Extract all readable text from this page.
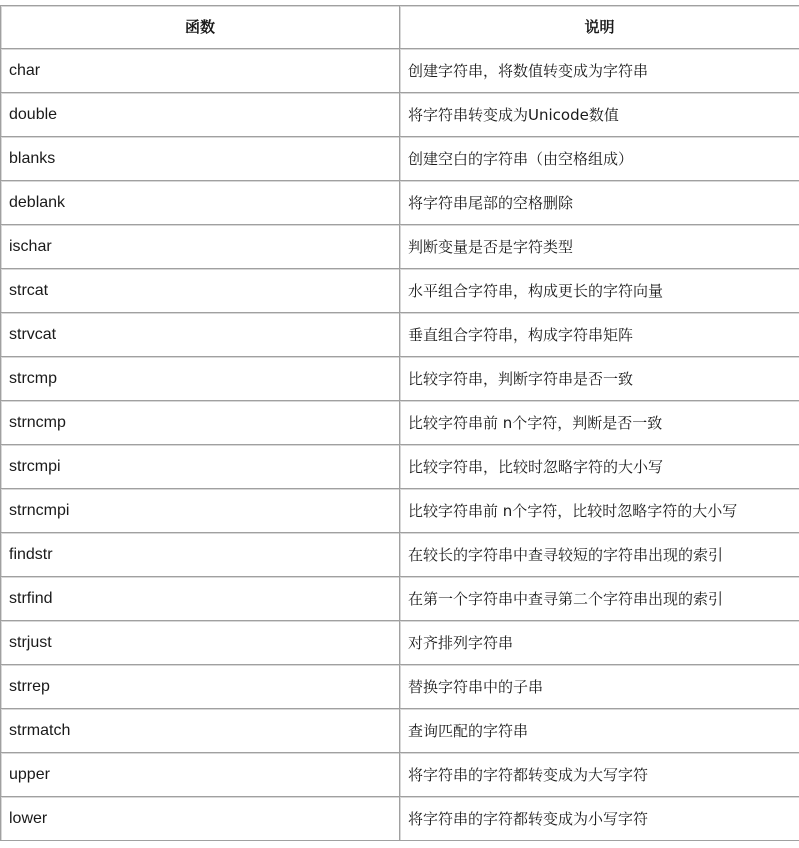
函数	说明
char	创建字符串，将数值转变成为字符串
double	将字符串转变成为Unicode数值
blanks	创建空白的字符串（由空格组成）
deblank	将字符串尾部的空格删除
ischar	判断变量是否是字符类型
strcat	水平组合字符串，构成更长的字符向量
strvcat	垂直组合字符串，构成字符串矩阵
strcmp	比较字符串，判断字符串是否一致
strncmp	比较字符串前 n个字符，判断是否一致
strcmpi	比较字符串，比较时忽略字符的大小写
strncmpi	比较字符串前 n个字符，比较时忽略字符的大小写
findstr	在较长的字符串中查寻较短的字符串出现的索引
strfind	在第一个字符串中查寻第二个字符串出现的索引
strjust	对齐排列字符串
strrep	替换字符串中的子串
strmatch	查询匹配的字符串
upper	将字符串的字符都转变成为大写字符
lower	将字符串的字符都转变成为小写字符
